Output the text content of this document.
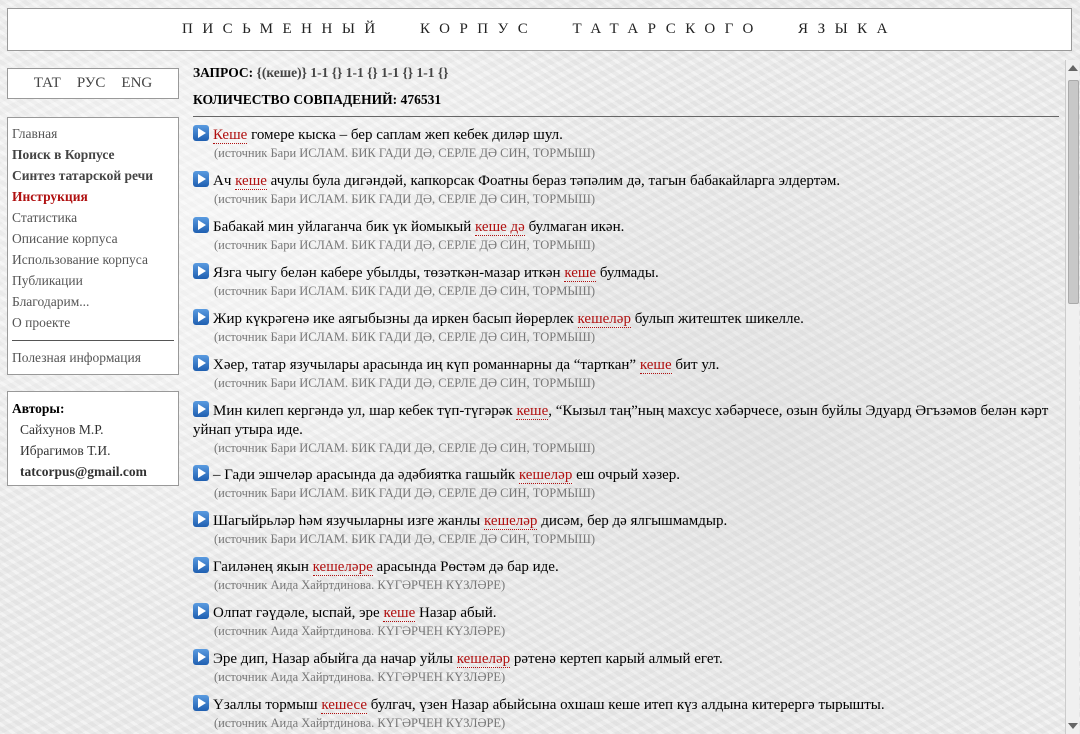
ПИСЬМЕННЫЙ КОРПУС ТАТАРСКОГО ЯЗЫКА
ТАТ РУС ENG
Главная
Поиск в Корпусе
Синтез татарской речи
Инструкция
Статистика
Описание корпуса
Использование корпуса
Публикации
Благодарим...
О проекте
Полезная информация
Авторы:
Сайхунов М.Р.
Ибрагимов Т.И.
tatcorpus@gmail.com
ЗАПРОС: {(кеше)} 1-1 {} 1-1 {} 1-1 {} 1-1 {}
КОЛИЧЕСТВО СОВПАДЕНИЙ: 476531
Кеше гомере кыска – бер саплам жеп кебек диләр шул.
(источник Бари ИСЛАМ. БИК ГАДИ ДӘ, СЕРЛЕ ДӘ СИН, ТОРМЫШ)
Ач кеше ачулы була дигәндәй, капкорсак Фоатны бераз тәпәлим дә, тагын бабакайларга элдертәм.
(источник Бари ИСЛАМ. БИК ГАДИ ДӘ, СЕРЛЕ ДӘ СИН, ТОРМЫШ)
Бабакай мин уйлаганча бик үк йомыкый кеше дә булмаган икән.
(источник Бари ИСЛАМ. БИК ГАДИ ДӘ, СЕРЛЕ ДӘ СИН, ТОРМЫШ)
Язга чыгу белән кабере убылды, төзәткән-мазар иткән кеше булмады.
(источник Бари ИСЛАМ. БИК ГАДИ ДӘ, СЕРЛЕ ДӘ СИН, ТОРМЫШ)
Жир күкрәгенә ике аягыбызны да иркен басып йөрерлек кешеләр булып житештек шикелле.
(источник Бари ИСЛАМ. БИК ГАДИ ДӘ, СЕРЛЕ ДӘ СИН, ТОРМЫШ)
Хәер, татар язучылары арасында иң күп романнарны да “тарткан” кеше бит ул.
(источник Бари ИСЛАМ. БИК ГАДИ ДӘ, СЕРЛЕ ДӘ СИН, ТОРМЫШ)
Мин килеп кергәндә ул, шар кебек түп-түгәрәк кеше, “Кызыл таң”ның махсус хәбәрчесе, озын буйлы Эдуард Әгъзәмов белән кәрт уйнап утыра иде.
(источник Бари ИСЛАМ. БИК ГАДИ ДӘ, СЕРЛЕ ДӘ СИН, ТОРМЫШ)
– Гади эшчеләр арасында да әдәбиятка гашыйк кешеләр еш очрый хәзер.
(источник Бари ИСЛАМ. БИК ГАДИ ДӘ, СЕРЛЕ ДӘ СИН, ТОРМЫШ)
Шагыйрьләр һәм язучыларны изге жанлы кешеләр дисәм, бер дә ялгышмамдыр.
(источник Бари ИСЛАМ. БИК ГАДИ ДӘ, СЕРЛЕ ДӘ СИН, ТОРМЫШ)
Гаиләнең якын кешеләре арасында Рөстәм дә бар иде.
(источник Аида Хайртдинова. КҮГӘРЧЕН КҮЗЛӘРЕ)
Олпат гәүдәле, ыспай, эре кеше Назар абый.
(источник Аида Хайртдинова. КҮГӘРЧЕН КҮЗЛӘРЕ)
Эре дип, Назар абыйга да начар уйлы кешеләр рәтенә кертеп карый алмый егет.
(источник Аида Хайртдинова. КҮГӘРЧЕН КҮЗЛӘРЕ)
Үзаллы тормыш кешесе булгач, үзен Назар абыйсына охшаш кеше итеп күз алдына китерергә тырышты.
(источник Аида Хайртдинова. КҮГӘРЧЕН КҮЗЛӘРЕ)
